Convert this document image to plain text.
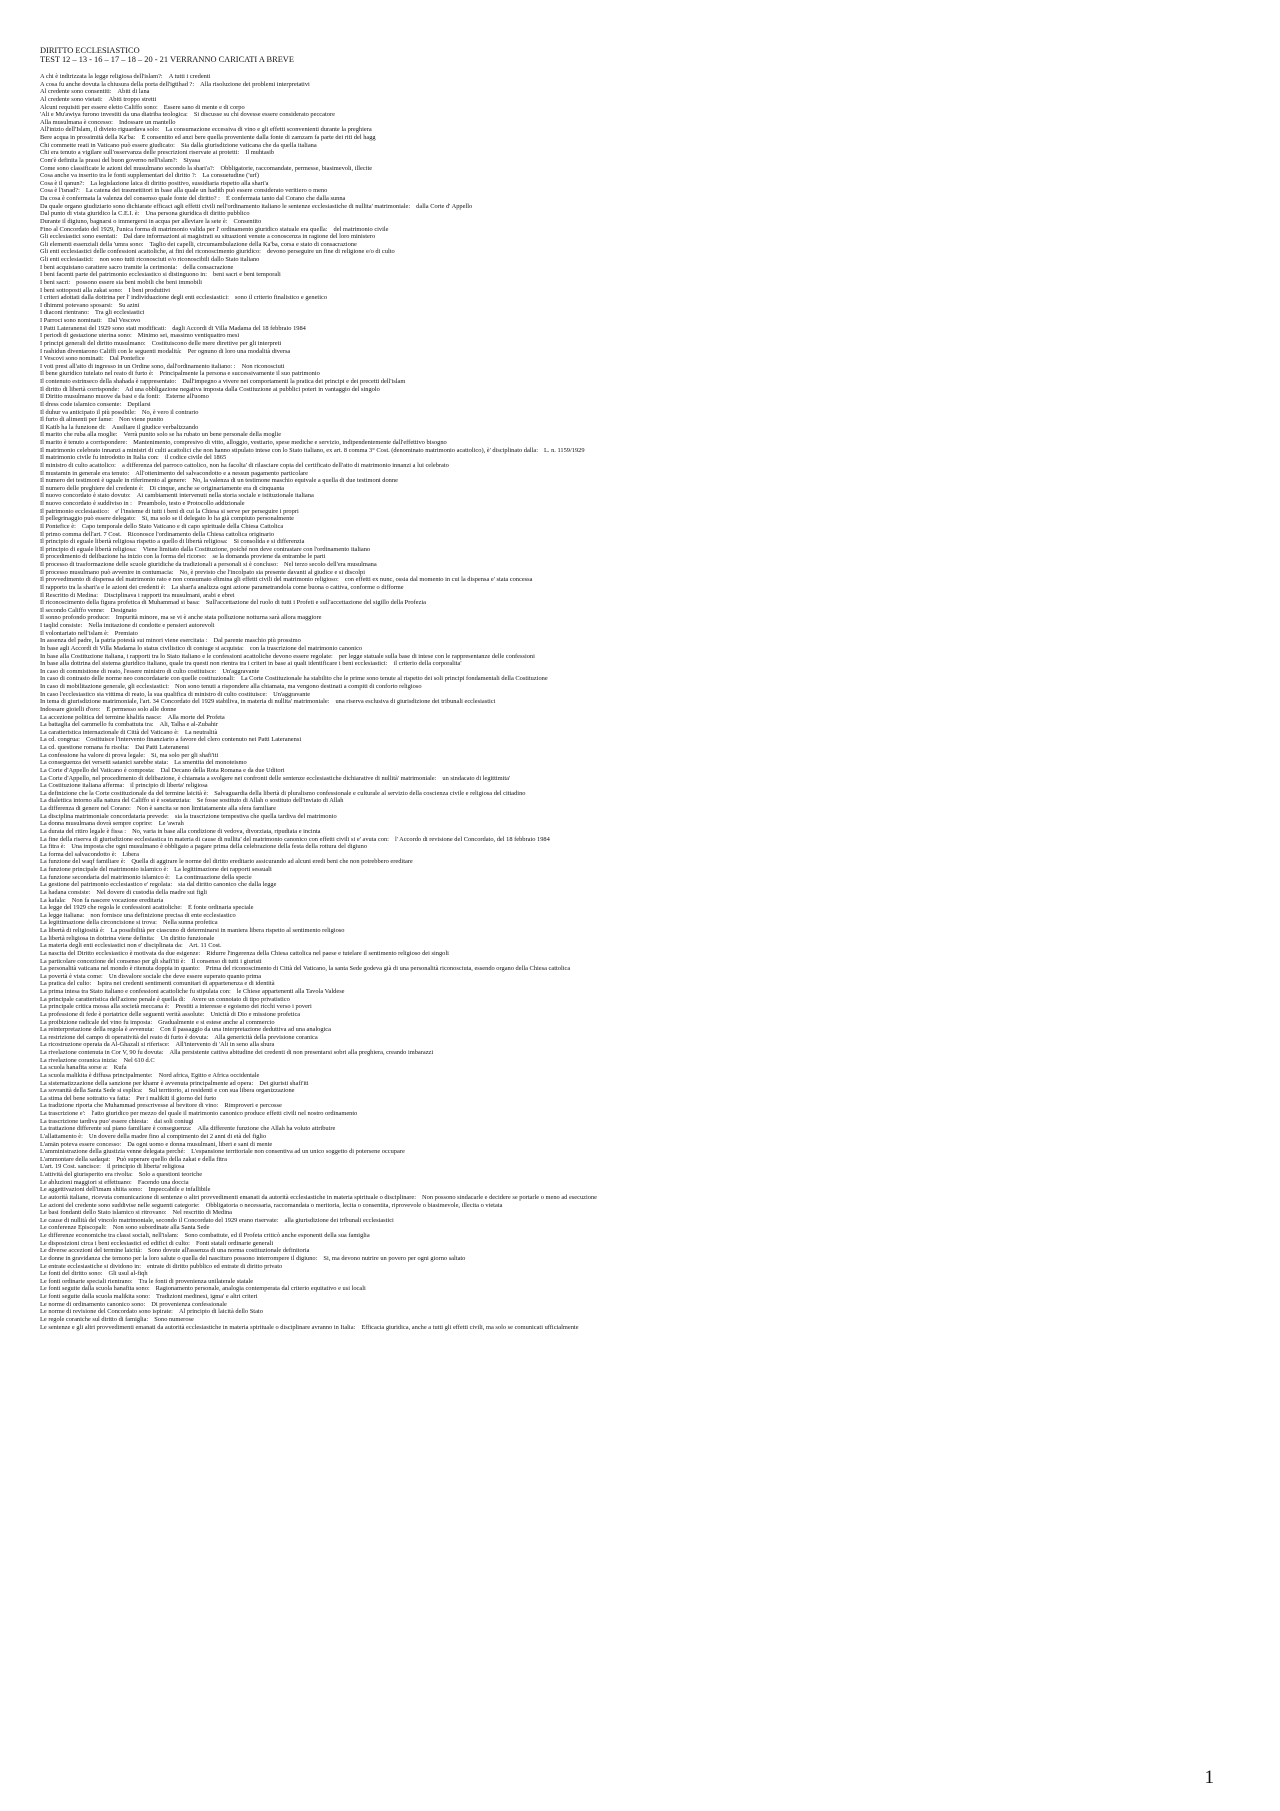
DIRITTO ECCLESIASTICO

TEST 12 – 13 - 16 – 17 – 18 – 20 - 21 VERRANNO CARICATI A BREVE

A chi è indirizzata la legge religiosa dell'islam?: A tutti i credenti
A cosa fu anche dovuta la chiusura della porta dell'igtihad ?: Alla risoluzione dei problemi interpretativi
Al credente sono consentiti: Abiti di lana
Al credente sono vietati: Abiti troppo stretti
Alcuni requisiti per essere eletto Califfo sono: Essere sano di mente e di corpo
'Ali e Mu'awiya furono investiti da una diatriba teologica: Si discusse su chi dovesse essere considerato peccatore
Alla musulmana è concesso: Indossare un mantello
All'inizio dell'Islam, il divieto riguardava solo: La consumazione eccessiva di vino e gli effetti sconvenienti durante la preghiera
Bere acqua in prossimità della Ka'ba: È consentito ed anzi bere quella proveniente dalla fonte di zamzam fa parte dei riti del hagg
Chi commette reati in Vaticano può essere giudicato: Sia dalla giurisdizione vaticana che da quella italiana
Chi era tenuto a vigilare sull'osservanza delle prescrizioni riservate ai protetti: Il muhtasib
Com'è definita la prassi del buon governo nell'islam?: Siyasa
Come sono classificate le azioni del musulmano secondo la shari'a?: Obbligatorie, raccomandate, permesse, biasimevoli, illecite
Cosa anche va inserito tra le fonti supplementari del diritto ?: La consuetudine ('urf)
Cosa è il qanun?: La legislazione laica di diritto positivo, sussidiaria rispetto alla shari'a
Cosa è l'isnad?: La catena dei trasmettitori in base alla quale un hadith può essere considerato veritiero o meno
Da cosa è confermata la valenza del consenso quale fonte del diritto? : È confermata tanto dal Corano che dalla sunna
Da quale organo giudiziario sono dichiarate efficaci agli effetti civili nell'ordinamento italiano le sentenze ecclesiastiche di nullita' matrimoniale: dalla Corte d' Appello
Dal punto di vista giuridico la C.E.I. è: Una persona giuridica di diritto pubblico
Durante il digiuno, bagnarsi o immergersi in acqua per alleviare la sete è: Consentito
Fino al Concordato del 1929, l'unica forma di matrimonio valida per l' ordinamento giuridico statuale era quella: del matrimonio civile
Gli ecclesiastici sono esentati: Dal dare informazioni ai magistrati su situazioni venute a conoscenza in ragione del loro ministero
Gli elementi essenziali della 'umra sono: Taglio dei capelli, circumambulazione della Ka'ba, corsa e stato di consacrazione
Gli enti ecclesiastici delle confessioni acattoliche, ai fini del riconoscimento giuridico: devono perseguire un fine di religione e/o di culto
Gli enti ecclesiastici: non sono tutti riconosciuti e/o riconoscibili dallo Stato italiano
I beni acquistano carattere sacro tramite la cerimonia: della consacrazione
I beni facenti parte del patrimonio ecclesiastico si distinguono in: beni sacri e beni temporali
I beni sacri: possono essere sia beni mobili che beni immobili
I beni sottoposti alla zakat sono: I beni produttivi
I criteri adottati dalla dottrina per l' individuazione degli enti ecclesiastici: sono il criterio finalistico e genetico
I dhimmi potevano sposarsi: Su azini
I diaconi rientrano: Tra gli ecclesiastici
I Parroci sono nominati: Dal Vescovo
I Patti Lateranensi del 1929 sono stati modificati: dagli Accordi di Villa Madama del 18 febbraio 1984
I periodi di gestazione uterina sono: Minimo sei, massimo ventiquattro mesi
I principi generali del diritto musulmano: Costituiscono delle mere direttive per gli interpreti
I rashidun diventarono Califfi con le seguenti modalità: Per ognuno di loro una modalità diversa
I Vescovi sono nominati: Dal Pontefice
I voti presi all'atto di ingresso in un Ordine sono, dall'ordinamento italiano: : Non riconosciuti
Il bene giuridico tutelato nel reato di furto è: Principalmente la persona e successivamente il suo patrimonio
Il contenuto estrinseco della shahada è rappresentato: Dall'impegno a vivere nei comportamenti la pratica dei principi e dei precetti dell'islam
Il diritto di libertà corrisponde: Ad una obbligazione negativa imposta dalla Costituzione ai pubblici poteri in vantaggio del singolo
Il Diritto musulmano muove da basi e da fonti: Esterne all'uomo
Il dress code islamico consente: Depilarsi
Il duhur va anticipato il più possibile: No, è vero il contrario
Il furto di alimenti per fame: Non viene punito
Il Katib ha la funzione di: Ausiliare il giudice verbalizzando
Il marito che ruba alla moglie: Verrà punito solo se ha rubato un bene personale della moglie
Il marito è tenuto a corrispondere: Mantenimento, compresivo di vitto, alloggio, vestiario, spese mediche e servizio, indipendentemente dall'effettivo bisogno
Il matrimonio celebrato innanzi a ministri di culti acattolici che non hanno stipulato intese con lo Stato italiano, ex art. 8 comma 3° Cost. (denominato matrimonio acattolico), è' disciplinato dalla: L. n. 1159/1929
Il matrimonio civile fu introdotto in Italia con: il codice civile del 1865
Il ministro di culto acattolico: a differenza del parroco cattolico, non ha facolta' di rilasciare copia del certificato dell'atto di matrimonio innanzi a lui celebrato
Il mustamin in generale era tenuto: All'ottenimento del salvacondotto e a nessun pagamento particolare
Il numero dei testimoni è uguale in riferimento al genere: No, la valenza di un testimone maschio equivale a quella di due testimoni donne
Il numero delle preghiere del credente è: Di cinque, anche se originariamente era di cinquanta
Il nuovo concordato è stato dovuto: Ai cambiamenti intervenuti nella storia sociale e istituzionale italiana
Il nuovo concordato è suddiviso in : Preambolo, testo e Protocollo addizionale
Il patrimonio ecclesiastico: e' l'insieme di tutti i beni di cui la Chiesa si serve per perseguire i propri
Il pellegrinaggio può essere delegato: Si, ma solo se il delegato lo ha già compiuto personalmente
Il Pontefice è: Capo temporale dello Stato Vaticano e di capo spirituale della Chiesa Cattolica
Il primo comma dell'art. 7 Cost. Riconosce l'ordinamento della Chiesa cattolica originario
Il principio di eguale libertà religiosa rispetto a quello di libertà religiosa: Si consolida e si differenzia
Il principio di eguale libertà religiosa: Viene limitato dalla Costituzione, poiché non deve contrastare con l'ordinamento italiano
Il procedimento di delibazione ha inizio con la forma del ricorso: se la domanda proviene da entrambe le parti
Il processo di trasformazione delle scuole giuridiche da tradizionali a personali si è concluso: Nel terzo secolo dell'era musulmana
Il processo musulmano può avvenire in contumacia: No, è previsto che l'incolpato sia presente davanti al giudice e si discolpi
Il provvedimento di dispensa del matrimonio rato e non consumato elimina gli effetti civili del matrimonio religioso: con effetti ex nunc, ossia dal momento in cui la dispensa e' stata concessa
Il rapporto tra la shari'a e le azioni dei credenti è: La shari'a analizza ogni azione parametrandola come buona o cattiva, conforme o difforme
Il Rescritto di Medina: Disciplinava i rapporti tra musulmani, arabi e ebrei
Il riconoscimento della figura profetica di Muhammad si basa: Sull'accettazione del ruolo di tutti i Profeti e sull'accettazione del sigillo della Profezia
Il secondo Califfo venne: Designato
Il sonno profondo produce: Impurità minore, ma se vi è anche stata polluzione notturna sarà allora maggiore
I taqlid consiste: Nella imitazione di condotte e pensieri autorevoli
Il volontariato nell'islam è: Premiato
In assenza del padre, la patria potestà sui minori viene esercitata : Dal parente maschio più prossimo
In base agli Accordi di Villa Madama lo status civilistico di coniuge si acquista: con la trascrizione del matrimonio canonico
In base alla Costituzione italiana, i rapporti tra lo Stato italiano e le confessioni acattoliche devono essere regolate: per legge statuale sulla base di intese con le rappresentanze delle confessioni
In base alla dottrina del sistema giuridico italiano, quale tra questi non rientra tra i criteri in base ai quali identificare i beni ecclesiastici: il criterio della corporalita'
In caso di commistione di reato, l'essere ministro di culto costituisce: Un'aggravante
In caso di contrasto delle norme neo concordatarie con quelle costituzionali: La Corte Costituzionale ha stabilito che le prime sono tenute al rispetto dei soli principi fondamentali della Costituzione
In caso di mobilitazione generale, gli ecclesiastici: Non sono tenuti a rispondere alla chiamata, ma vengono destinati a compiti di conforto religioso
In caso l'ecclesiastico sia vittima di reato, la sua qualifica di ministro di culto costituisce: Un'aggravante
In tema di giurisdizione matrimoniale, l'art. 34 Concordato del 1929 stabiliva, in materia di nullita' matrimoniale: una riserva esclusiva di giurisdizione dei tribunali ecclesiastici
Indossare gioielli d'oro: È permesso solo alle donne
La accezione politica del termine khalifa nasce: Alla morte del Profeta
La battaglia del cammello fu combattuta tra: Ali, Talha e al-Zubahir
La caratteristica internazionale di Città del Vaticano è: La neutralità
La cd. congrua: Costituisce l'intervento finanziario a favore del clero contenuto nei Patti Lateranensi
La cd. questione romana fu risolta: Dai Patti Lateranensi
La confessione ha valore di prova legale: Si, ma solo per gli shafi'iti
La conseguenza dei versetti satanici sarebbe stata: La smentita del monoteismo
La Corte d'Appello del Vaticano è composta: Dal Decano della Rota Romana e da due Uditori
La Corte d'Appello, nel procedimento di delibazione, è chiamata a svolgere nei confronti delle sentenze ecclesiastiche dichiarative di nullità' matrimoniale: un sindacato di legittimita'
La Costituzione italiana afferma: il principio di liberta' religiosa
La definizione che la Corte costituzionale da del termine laicità è: Salvaguardia della libertà di pluralismo confessionale e culturale al servizio della coscienza civile e religiosa del cittadino
La dialettica intorno alla natura del Califfo si è sostanziata: Se fosse sostituto di Allah o sostituto dell'inviato di Allah
La differenza di genere nel Corano: Non è sancita se non limitatamente alla sfera familiare
La disciplina matrimoniale concordataria prevede: sia la trascrizione tempestiva che quella tardiva del matrimonio
La donna musulmana dovrà sempre coprire: Le 'awrah
La durata del ritiro legale è fissa : No, varia in base alla condizione di vedova, divorziata, ripudiata e incinta
La fine della riserva di giurisdizione ecclesiastica in materia di cause di nullita' del matrimonio canonico con effetti civili si e' avuta con: l' Accordo di revisione del Concordato, del 18 febbraio 1984
La fitra è: Una imposta che ogni musulmano è obbligato a pagare prima della celebrazione della festa della rottura del digiuno
La forma del salvacondotto è: Libera
La funzione del waqf familiare è: Quella di aggirare le norme del diritto ereditario assicurando ad alcuni eredi beni che non potrebbero ereditare
La funzione principale del matrimonio islamico è: La legittimazione dei rapporti sessuali
La funzione secondaria del matrimonio islamico è: La continuazione della specie
La gestione del patrimonio ecclesiastico e' regolata: sia dal diritto canonico che dalla legge
La hadana consiste: Nel dovere di custodia della madre sui figli
La kafala: Non fa nascere vocazione ereditaria
La legge del 1929 che regola le confessioni acattoliche: È fonte ordinaria speciale
La legge italiana: non fornisce una definizione precisa di ente ecclesiastico
La legittimazione della circoncisione si trova: Nella sunna profetica
La libertà di religiosità è: La possibilità per ciascuno di determinarsi in maniera libera rispetto al sentimento religioso
La libertà religiosa in dottrina viene definita: Un diritto funzionale
La materia degli enti ecclesiastici non e' disciplinata da: Art. 11 Cost.
La nascita del Diritto ecclesiastico è motivata da due esigenze: Ridurre l'ingerenza della Chiesa cattolica nel paese e tutelare il sentimento religioso dei singoli
La particolare concezione del consenso per gli shafi'iti è: Il consenso di tutti i giuristi
La personalità vaticana nel mondo è ritenuta doppia in quanto: Prima del riconoscimento di Città del Vaticano, la santa Sede godeva già di una personalità riconosciuta, essendo organo della Chiesa cattolica
La povertà è vista come: Un disvalore sociale che deve essere superato quanto prima
La pratica del culto: Ispira nei credenti sentimenti comunitari di appartenenza e di identità
La prima intesa tra Stato italiano e confessioni acattoliche fu stipulata con: le Chiese appartenenti alla Tavola Valdese
La principale caratteristica dell'azione penale è quella di: Avere un connotato di tipo privatistico
La principale critica mossa alla società meccana è: Prestiti a interesse e egoismo dei ricchi verso i poveri
La professione di fede è portatrice delle seguenti verità assolute: Unicità di Dio e missione profetica
La proibizione radicale del vino fu imposta: Gradualmente e si estese anche al commercio
La reinterpretazione della regola è avvenuta: Con il passaggio da una interpretazione deduttiva ad una analogica
La restrizione del campo di operatività del reato di furto è dovuta: Alla genericità della previsione coranica
La ricostruzione operata da Al-Ghazali si riferisce: All'intervento di 'Ali in seno alla shura
La rivelazione contenuta in Cor V, 90 fu dovuta: Alla persistente cattiva abitudine dei credenti di non presentarsi sobri alla preghiera, creando imbarazzi
La rivelazione coranica inizia: Nel 610 d.C
La scuola hanafita sorse a: Kufa
La scuola malikita è diffusa principalmente: Nord africa, Egitto e Africa occidentale
La sistematizzazione della sanzione per khamr è avvenuta principalmente ad opera: Dei giuristi shafi'iti
La sovranità della Santa Sede si esplica: Sul territorio, ai residenti e con sua libera organizzazione
La stima del bene sottratto va fatta: Per i malikiti il giorno del furto
La tradizione riporta che Muhammad prescrivesse al bevitore di vino: Rimproveri e percosse
La trascrizione e': l'atto giuridico per mezzo del quale il matrimonio canonico produce effetti civili nel nostro ordinamento
La trascrizione tardiva puo' essere chiesta: dai soli coniugi
La trattazione differente sul piano familiare è conseguenza: Alla differente funzione che Allah ha voluto attribuire
L'allattamento è: Un dovere della madre fino al compimento dei 2 anni di età del figlio
L'amān poteva essere concesso: Da ogni uomo e donna musulmani, liberi e sani di mente
L'amministrazione della giustizia venne delegata perché: L'espansione territoriale non consentiva ad un unico soggetto di potersene occupare
L'ammontare della sadaqat: Può superare quello della zakat e della fitra
L'art. 19 Cost. sancisce: il principio di liberta' religiosa
L'attività del giurisperito era rivolta: Solo a questioni teoriche
Le abluzioni maggiori si effettuano: Facendo una doccia
Le aggettivazioni dell'imam shiita sono: Impeccabile e infallibile
Le autorità italiane, ricevuta comunicazione di sentenze o altri provvedimenti emanati da autorità ecclesiastiche in materia spirituale o disciplinare: Non possono sindacarle e decidere se portarle o meno ad esecuzione
Le azioni del credente sono suddivise nelle seguenti categorie: Obbligatoria o necessaria, raccomandata o meritoria, lecita o consentita, riprovevole o biasimevole, illecita o vietata
Le basi fondanti dello Stato islamico si ritrovano: Nel rescritto di Medina
Le cause di nullità del vincolo matrimoniale, secondo il Concordato del 1929 erano riservate: alla giurisdizione dei tribunali ecclesiastici
Le conferenze Episcopali: Non sono subordinate alla Santa Sede
Le differenze economiche tra classi sociali, nell'islam: Sono combattute, ed il Profeta criticò anche esponenti della sua famiglia
Le disposizioni circa i beni ecclesiastici ed edifici di culto: Fonti statali ordinarie generali
Le diverse accezioni del termine laicità: Sono dovute all'assenza di una norma costituzionale definitoria
Le donne in gravidanza che temono per la loro salute o quella del nascituro possono interrompere il digiuno: Si, ma devono nutrire un povero per ogni giorno saltato
Le entrate ecclesiastiche si dividono in: entrate di diritto pubblico ed entrate di diritto privato
Le fonti del diritto sono: Gli usul al-fiqh
Le fonti ordinarie speciali rientrano: Tra le fonti di provenienza unilaterale statale
Le fonti seguite dalla scuola hanafita sono: Ragionamento personale, analogia contemperata dal criterio equitativo e usi locali
Le fonti seguite dalla scuola malikita sono: Tradizioni medinesi, igma' e altri criteri
Le norme di ordinamento canonico sono: Di provenienza confessionale
Le norme di revisione del Concordato sono ispirate: Al principio di laicità dello Stato
Le regole coraniche sul diritto di famiglia: Sono numerose
Le sentenze e gli altri provvedimenti emanati da autorità ecclesiastiche in materia spirituale o disciplinare avranno in Italia: Efficacia giuridica, anche a tutti gli effetti civili, ma solo se comunicati ufficialmente
1
